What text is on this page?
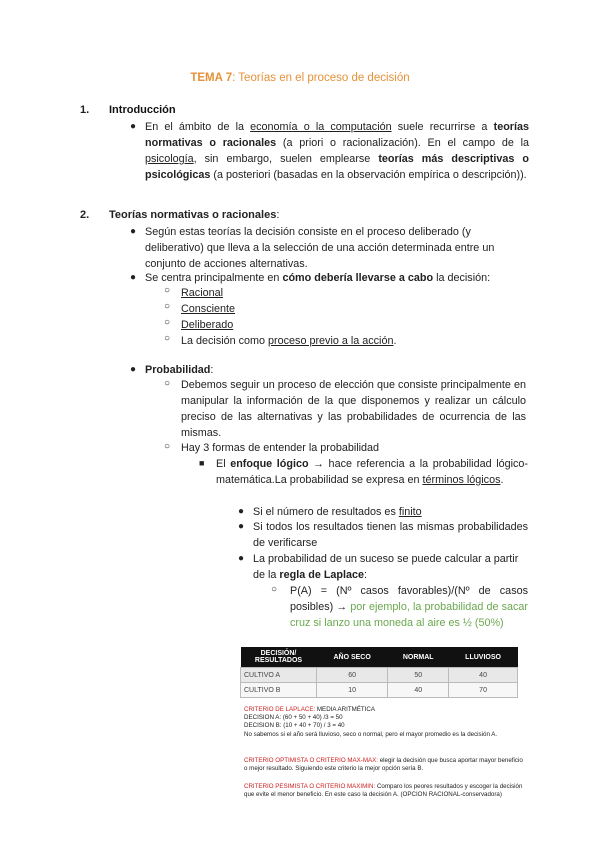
TEMA 7: Teorías en el proceso de decisión
1. Introducción
● En el ámbito de la economía o la computación suele recurrirse a teorías normativas o racionales (a priori o racionalización). En el campo de la psicología, sin embargo, suelen emplearse teorías más descriptivas o psicológicas (a posteriori (basadas en la observación empírica o descripción)).
2. Teorías normativas o racionales:
● Según estas teorías la decisión consiste en el proceso deliberado (y deliberativo) que lleva a la selección de una acción determinada entre un conjunto de acciones alternativas.
● Se centra principalmente en cómo debería llevarse a cabo la decisión:
○ Racional
○ Consciente
○ Deliberado
○ La decisión como proceso previo a la acción.
● Probabilidad:
○ Debemos seguir un proceso de elección que consiste principalmente en manipular la información de la que disponemos y realizar un cálculo preciso de las alternativas y las probabilidades de ocurrencia de las mismas.
○ Hay 3 formas de entender la probabilidad
■ El enfoque lógico → hace referencia a la probabilidad lógico-matemática.La probabilidad se expresa en términos lógicos.
● Si el número de resultados es finito
● Si todos los resultados tienen las mismas probabilidades de verificarse
● La probabilidad de un suceso se puede calcular a partir de la regla de Laplace:
○ P(A) = (Nº casos favorables)/(Nº de casos posibles) → por ejemplo, la probabilidad de sacar cruz si lanzo una moneda al aire es ½ (50%)
DECISIÓN/ RESULTADOS	AÑO SECO	NORMAL	LLUVIOSO
CULTIVO A	60	50	40
CULTIVO B	10	40	70
CRITERIO DE LAPLACE: MEDIA ARITMÉTICA
DECISION A: (60 + 50 + 40) /3 = 50
DECISION B: (10 + 40 + 70) / 3 = 40
No sabemos si el año será lluvioso, seco o normal, pero el mayor promedio es la decisión A.
CRITERIO OPTIMISTA O CRITERIO MAX-MAX: elegir la decisión que busca aportar mayor beneficio o mejor resultado. Siguiendo este criterio la mejor opción sería B.
CRITERIO PESIMISTA O CRITERIO MAXIMIN: Comparo los peores resultados y escoger la decisión que evite el menor beneficio. En este caso la decisión A. (OPCION RACIONAL-conservadora)
